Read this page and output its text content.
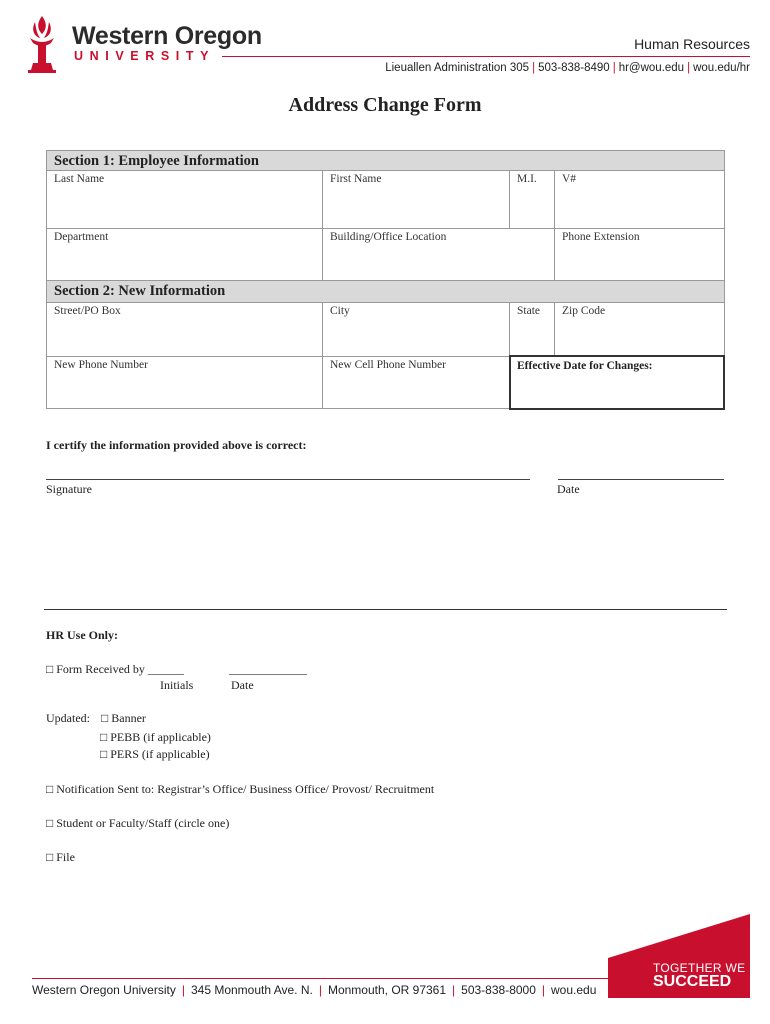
Western Oregon
UNIVERSITY
Human Resources
Lieuallen Administration 305 | 503-838-8490 | hr@wou.edu | wou.edu/hr
Address Change Form
Section 1: Employee Information
Last Name	First Name	M.I.	V#
Department	Building/Office Location	Phone Extension
Section 2: New Information
Street/PO Box	City	State	Zip Code
New Phone Number	New Cell Phone Number	Effective Date for Changes:
I certify the information provided above is correct:
Signature	Date
HR Use Only:
□ Form Received by ______	_____________
Initials	Date
Updated: □ Banner
□ PEBB (if applicable)
□ PERS (if applicable)
□ Notification Sent to: Registrar’s Office/ Business Office/ Provost/ Recruitment
□ Student or Faculty/Staff (circle one)
□ File
Western Oregon University | 345 Monmouth Ave. N. | Monmouth, OR 97361 | 503-838-8000 | wou.edu
TOGETHER WE
SUCCEED
